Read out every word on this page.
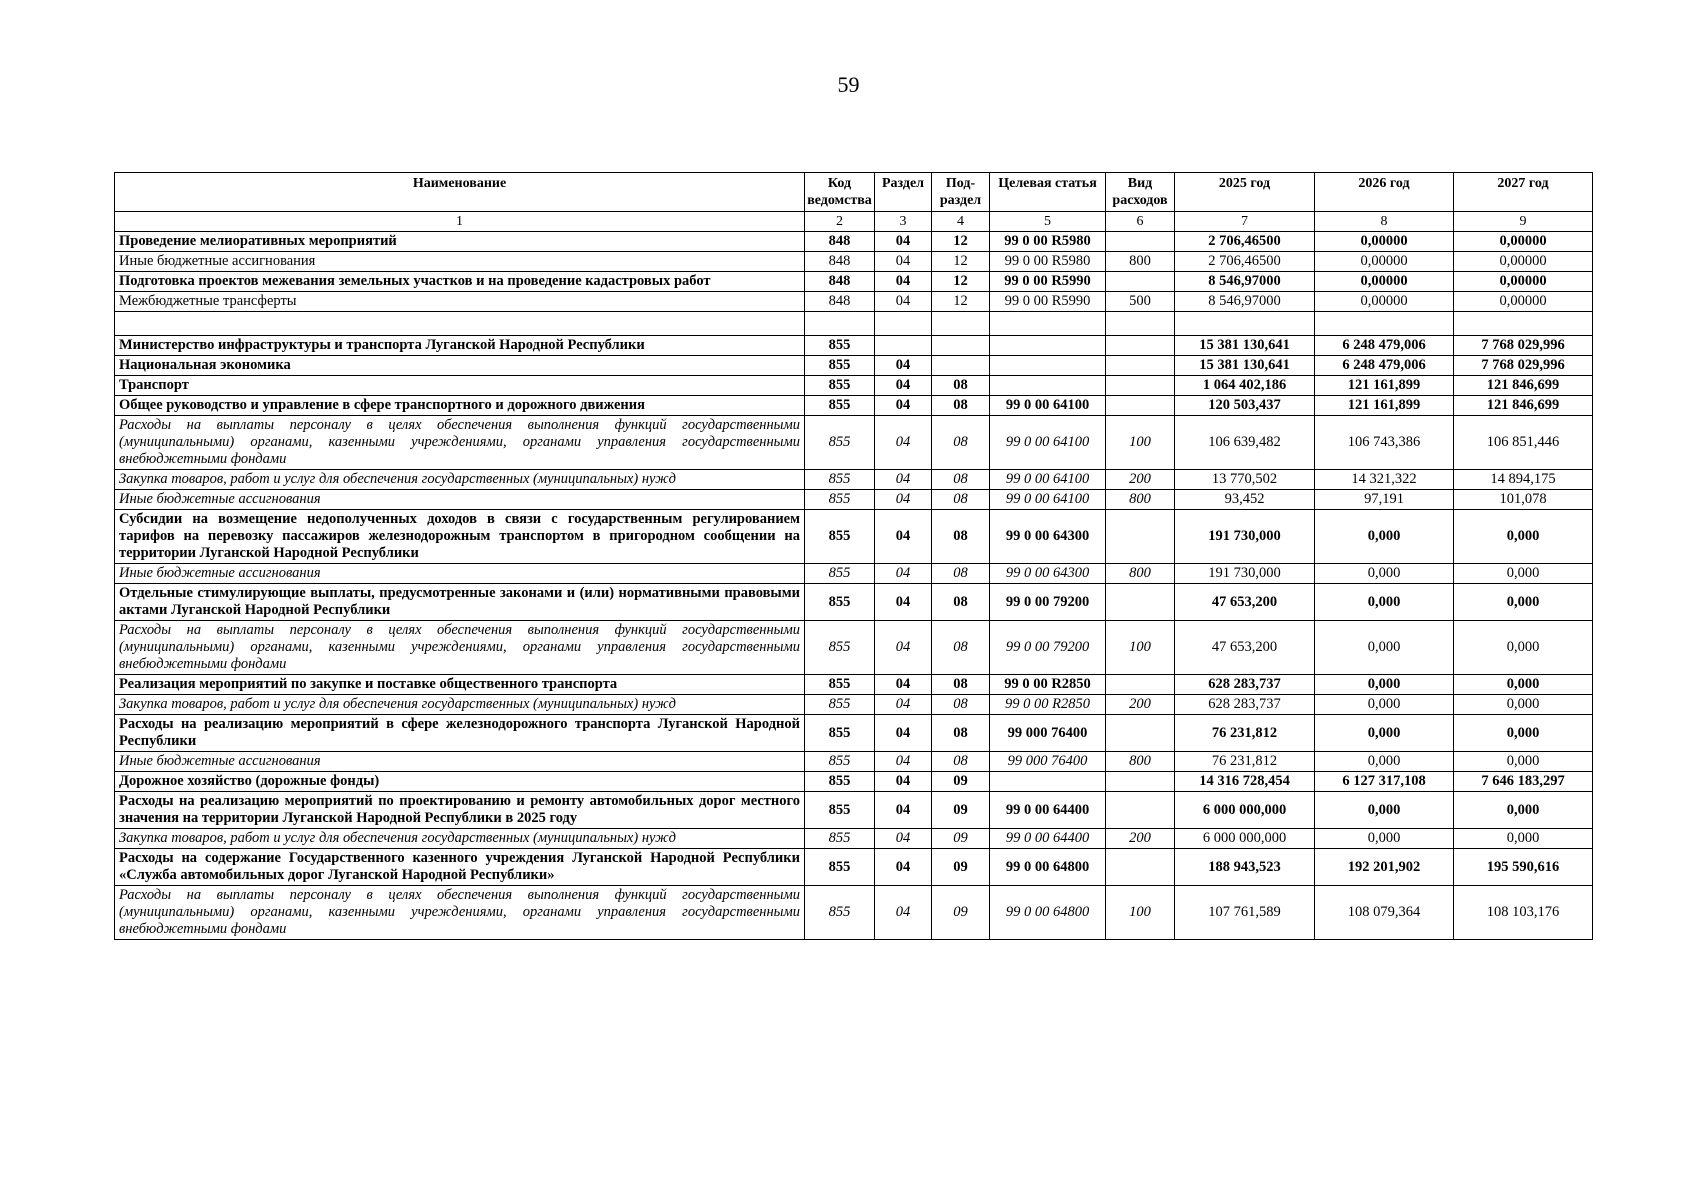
59
Наименование	Код ведомства	Раздел	Под-раздел	Целевая статья	Вид расходов	2025 год	2026 год	2027 год
1	2	3	4	5	6	7	8	9
Проведение мелиоративных мероприятий	848	04	12	99 0 00 R5980		2 706,46500	0,00000	0,00000
Иные бюджетные ассигнования	848	04	12	99 0 00 R5980	800	2 706,46500	0,00000	0,00000
Подготовка проектов межевания земельных участков и на проведение кадастровых работ	848	04	12	99 0 00 R5990		8 546,97000	0,00000	0,00000
Межбюджетные трансферты	848	04	12	99 0 00 R5990	500	8 546,97000	0,00000	0,00000

Министерство инфраструктуры и транспорта Луганской Народной Республики	855					15 381 130,641	6 248 479,006	7 768 029,996
Национальная экономика	855	04				15 381 130,641	6 248 479,006	7 768 029,996
Транспорт	855	04	08			1 064 402,186	121 161,899	121 846,699
Общее руководство и управление в сфере транспортного и дорожного движения	855	04	08	99 0 00 64100		120 503,437	121 161,899	121 846,699
Расходы на выплаты персоналу в целях обеспечения выполнения функций государственными (муниципальными) органами, казенными учреждениями, органами управления государственными внебюджетными фондами	855	04	08	99 0 00 64100	100	106 639,482	106 743,386	106 851,446
Закупка товаров, работ и услуг для обеспечения государственных (муниципальных) нужд	855	04	08	99 0 00 64100	200	13 770,502	14 321,322	14 894,175
Иные бюджетные ассигнования	855	04	08	99 0 00 64100	800	93,452	97,191	101,078
Субсидии на возмещение недополученных доходов в связи с государственным регулированием тарифов на перевозку пассажиров железнодорожным транспортом в пригородном сообщении на территории Луганской Народной Республики	855	04	08	99 0 00 64300		191 730,000	0,000	0,000
Иные бюджетные ассигнования	855	04	08	99 0 00 64300	800	191 730,000	0,000	0,000
Отдельные стимулирующие выплаты, предусмотренные законами и (или) нормативными правовыми актами Луганской Народной Республики	855	04	08	99 0 00 79200		47 653,200	0,000	0,000
Расходы на выплаты персоналу в целях обеспечения выполнения функций государственными (муниципальными) органами, казенными учреждениями, органами управления государственными внебюджетными фондами	855	04	08	99 0 00 79200	100	47 653,200	0,000	0,000
Реализация мероприятий по закупке и поставке общественного транспорта	855	04	08	99 0 00 R2850		628 283,737	0,000	0,000
Закупка товаров, работ и услуг для обеспечения государственных (муниципальных) нужд	855	04	08	99 0 00 R2850	200	628 283,737	0,000	0,000
Расходы на реализацию мероприятий в сфере железнодорожного транспорта Луганской Народной Республики	855	04	08	99 000 76400		76 231,812	0,000	0,000
Иные бюджетные ассигнования	855	04	08	99 000 76400	800	76 231,812	0,000	0,000
Дорожное хозяйство (дорожные фонды)	855	04	09			14 316 728,454	6 127 317,108	7 646 183,297
Расходы на реализацию мероприятий по проектированию и ремонту автомобильных дорог местного значения на территории Луганской Народной Республики в 2025 году	855	04	09	99 0 00 64400		6 000 000,000	0,000	0,000
Закупка товаров, работ и услуг для обеспечения государственных (муниципальных) нужд	855	04	09	99 0 00 64400	200	6 000 000,000	0,000	0,000
Расходы на содержание Государственного казенного учреждения Луганской Народной Республики «Служба автомобильных дорог Луганской Народной Республики»	855	04	09	99 0 00 64800		188 943,523	192 201,902	195 590,616
Расходы на выплаты персоналу в целях обеспечения выполнения функций государственными (муниципальными) органами, казенными учреждениями, органами управления государственными внебюджетными фондами	855	04	09	99 0 00 64800	100	107 761,589	108 079,364	108 103,176
